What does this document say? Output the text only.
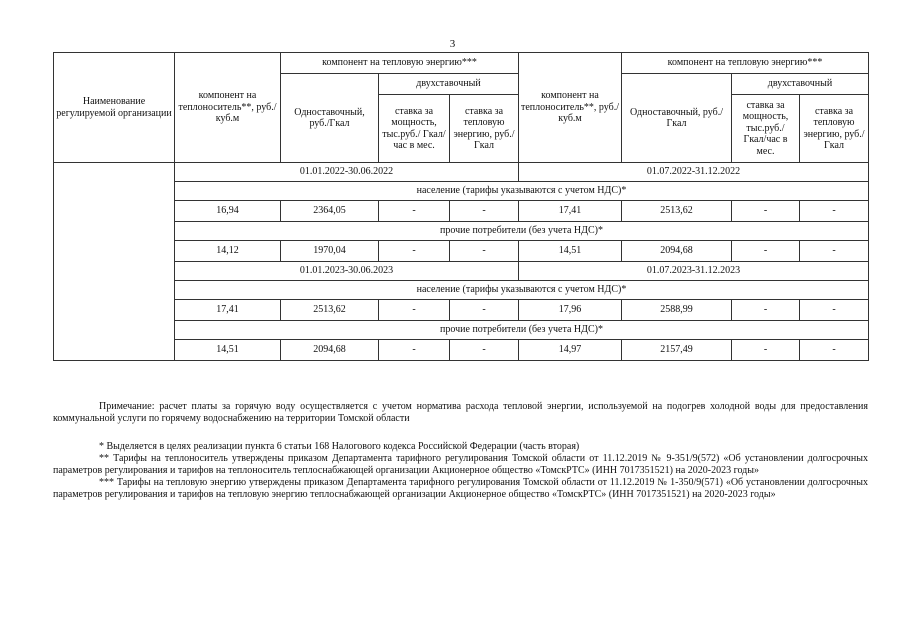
3
Наименование регулируемой организации	компонент на теплоноситель**, руб./куб.м	компонент на тепловую энергию***			компонент на теплоноситель**, руб./куб.м	компонент на тепловую энергию***		
		Одноставочный, руб./Гкал	двухставочный			Одноставочный, руб./Гкал	двухставочный	
			ставка за мощность, тыс.руб./ Гкал/час в мес.	ставка за тепловую энергию, руб./Гкал			ставка за мощность, тыс.руб./ Гкал/час в мес.	ставка за тепловую энергию, руб./Гкал
	01.01.2022-30.06.2022				01.07.2022-31.12.2022			
	население (тарифы указываются с учетом НДС)*							
	16,94	2364,05	-	-	17,41	2513,62	-	-
	прочие потребители (без учета НДС)*							
	14,12	1970,04	-	-	14,51	2094,68	-	-
	01.01.2023-30.06.2023				01.07.2023-31.12.2023			
	население (тарифы указываются с учетом НДС)*							
	17,41	2513,62	-	-	17,96	2588,99	-	-
	прочие потребители (без учета НДС)*							
	14,51	2094,68	-	-	14,97	2157,49	-	-
Примечание: расчет платы за горячую воду осуществляется с учетом норматива расхода тепловой энергии, используемой на подогрев холодной воды для предоставления коммунальной услуги по горячему водоснабжению на территории Томской области

* Выделяется в целях реализации пункта 6 статьи 168 Налогового кодекса Российской Федерации (часть вторая)

** Тарифы на теплоноситель утверждены приказом Департамента тарифного регулирования Томской области от 11.12.2019 № 9-351/9(572) «Об установлении долгосрочных параметров регулирования и тарифов на теплоноситель теплоснабжающей организации Акционерное общество «ТомскРТС» (ИНН 7017351521) на 2020-2023 годы»

*** Тарифы на тепловую энергию утверждены приказом Департамента тарифного регулирования Томской области от 11.12.2019 № 1-350/9(571) «Об установлении долгосрочных параметров регулирования и тарифов на тепловую энергию теплоснабжающей организации Акционерное общество «ТомскРТС» (ИНН 7017351521) на 2020-2023 годы»
